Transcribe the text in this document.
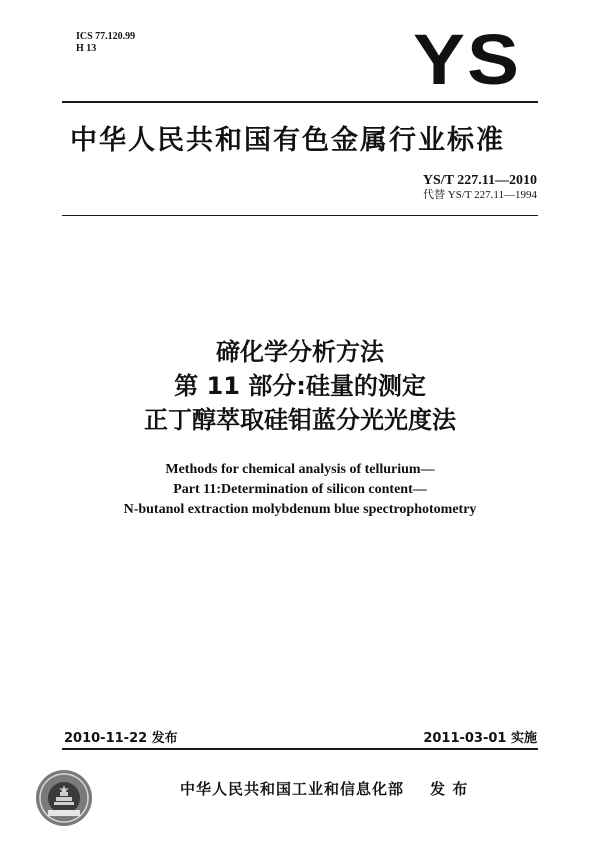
ICS 77.120.99
H 13	YS
中华人民共和国有色金属行业标准
YS/T 227.11—2010
代替 YS/T 227.11—1994
碲化学分析方法
第 11 部分:硅量的测定
正丁醇萃取硅钼蓝分光光度法
Methods for chemical analysis of tellurium—
Part 11:Determination of silicon content—
N-butanol extraction molybdenum blue spectrophotometry
2010-11-22 发布	2011-03-01 实施
中华人民共和国工业和信息化部 发 布
